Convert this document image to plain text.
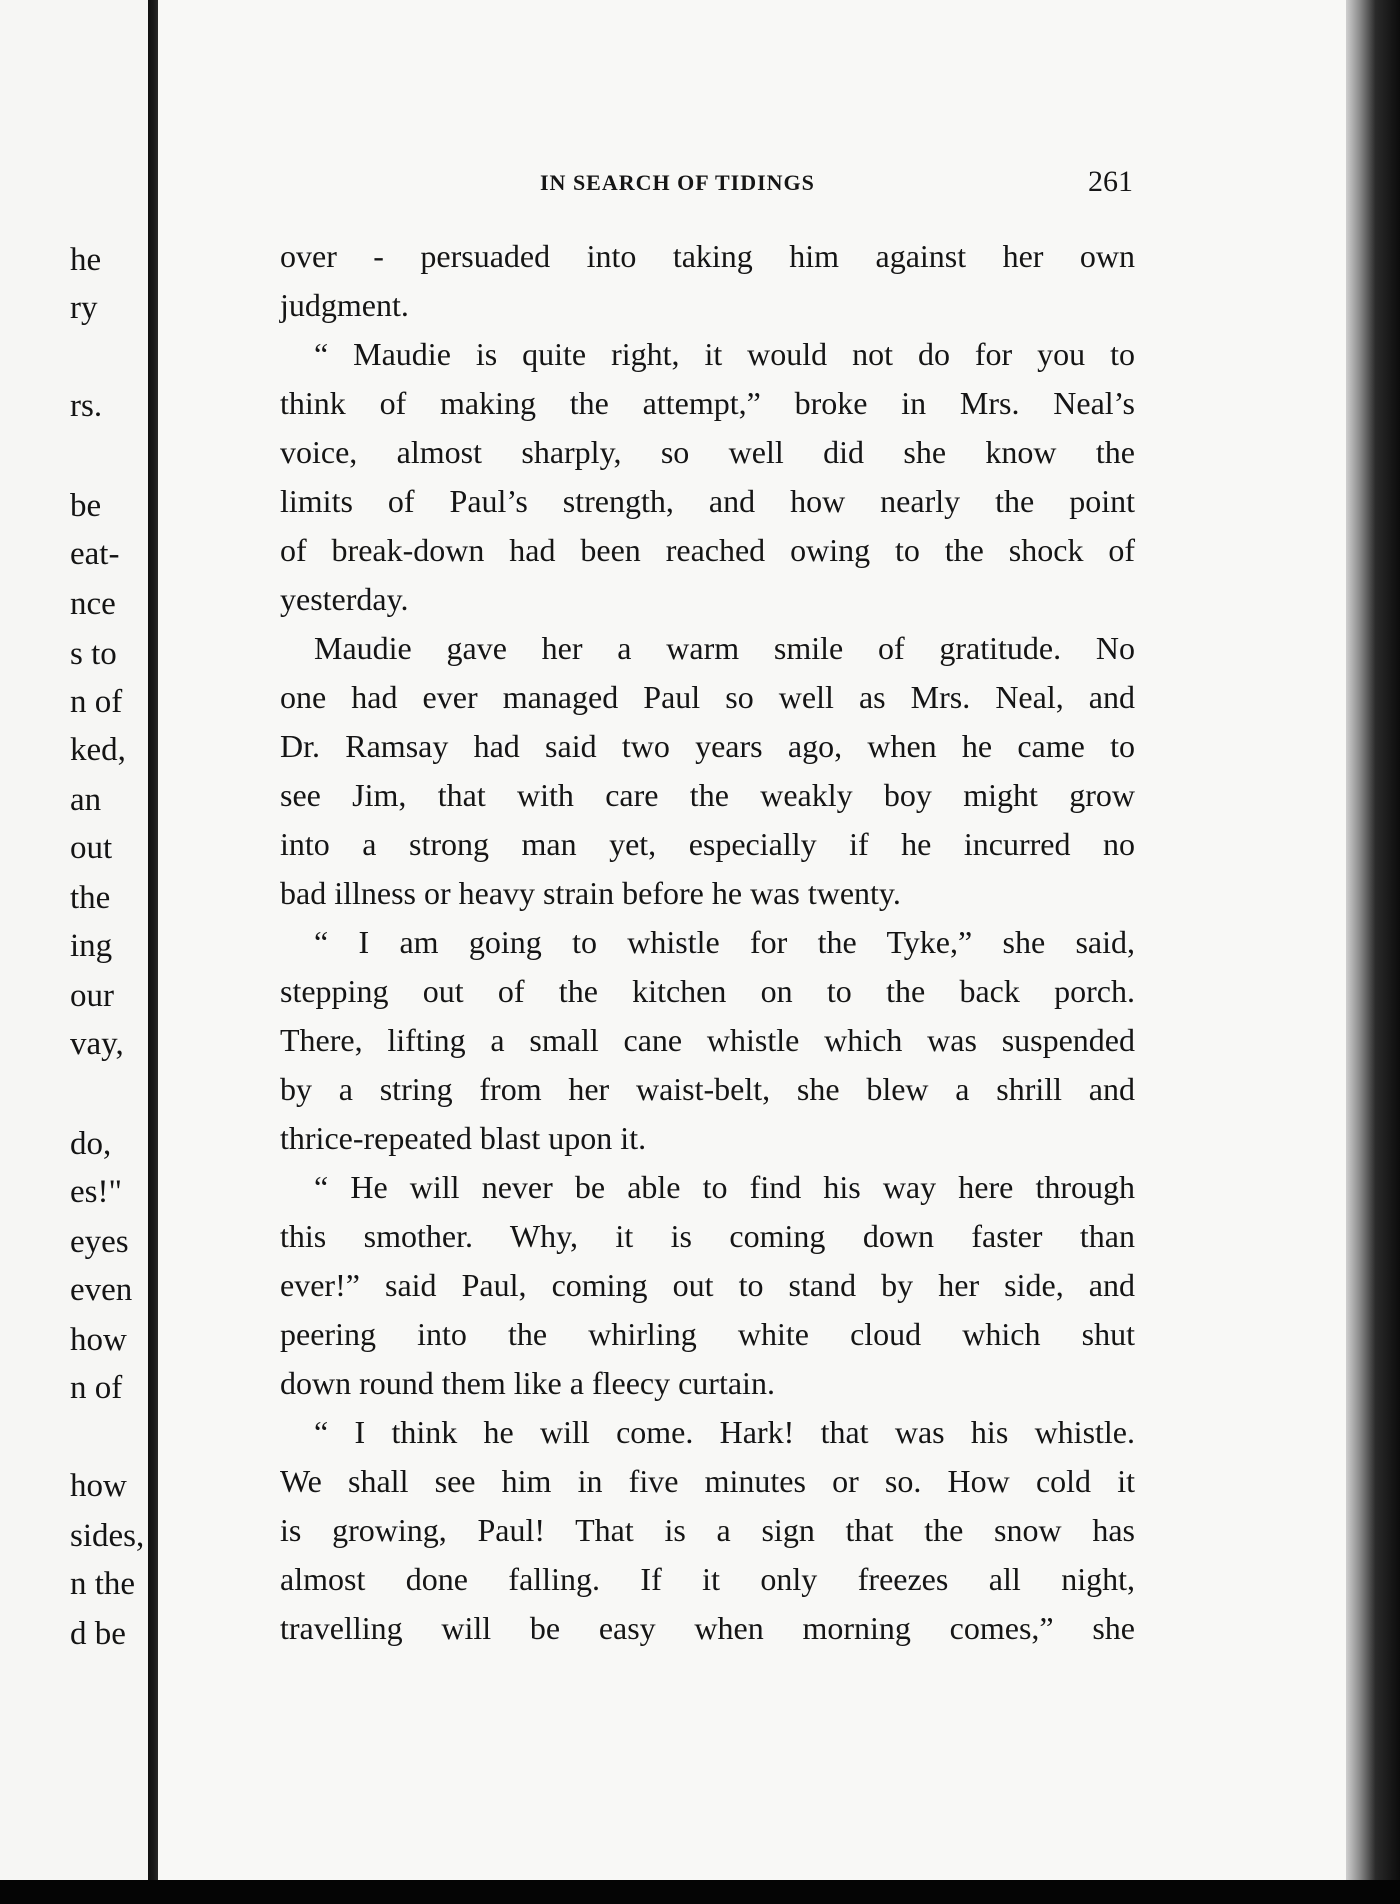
he
ry
rs.
be
eat-
nce
s to
n of
ked,
an
out
the
ing
our
vay,
do,
es!"
eyes
even
how
n of
how
sides,
n the
d be
IN SEARCH OF TIDINGS	261
over - persuaded into taking him against her own
judgment.
“ Maudie is quite right, it would not do for you to
think of making the attempt,” broke in Mrs. Neal’s
voice, almost sharply, so well did she know the
limits of Paul’s strength, and how nearly the point
of break-down had been reached owing to the shock of
yesterday.
Maudie gave her a warm smile of gratitude. No
one had ever managed Paul so well as Mrs. Neal, and
Dr. Ramsay had said two years ago, when he came to
see Jim, that with care the weakly boy might grow
into a strong man yet, especially if he incurred no
bad illness or heavy strain before he was twenty.
“ I am going to whistle for the Tyke,” she said,
stepping out of the kitchen on to the back porch.
There, lifting a small cane whistle which was suspended
by a string from her waist-belt, she blew a shrill and
thrice-repeated blast upon it.
“ He will never be able to find his way here through
this smother. Why, it is coming down faster than
ever!” said Paul, coming out to stand by her side, and
peering into the whirling white cloud which shut
down round them like a fleecy curtain.
“ I think he will come. Hark! that was his whistle.
We shall see him in five minutes or so. How cold it
is growing, Paul! That is a sign that the snow has
almost done falling. If it only freezes all night,
travelling will be easy when morning comes,” she
